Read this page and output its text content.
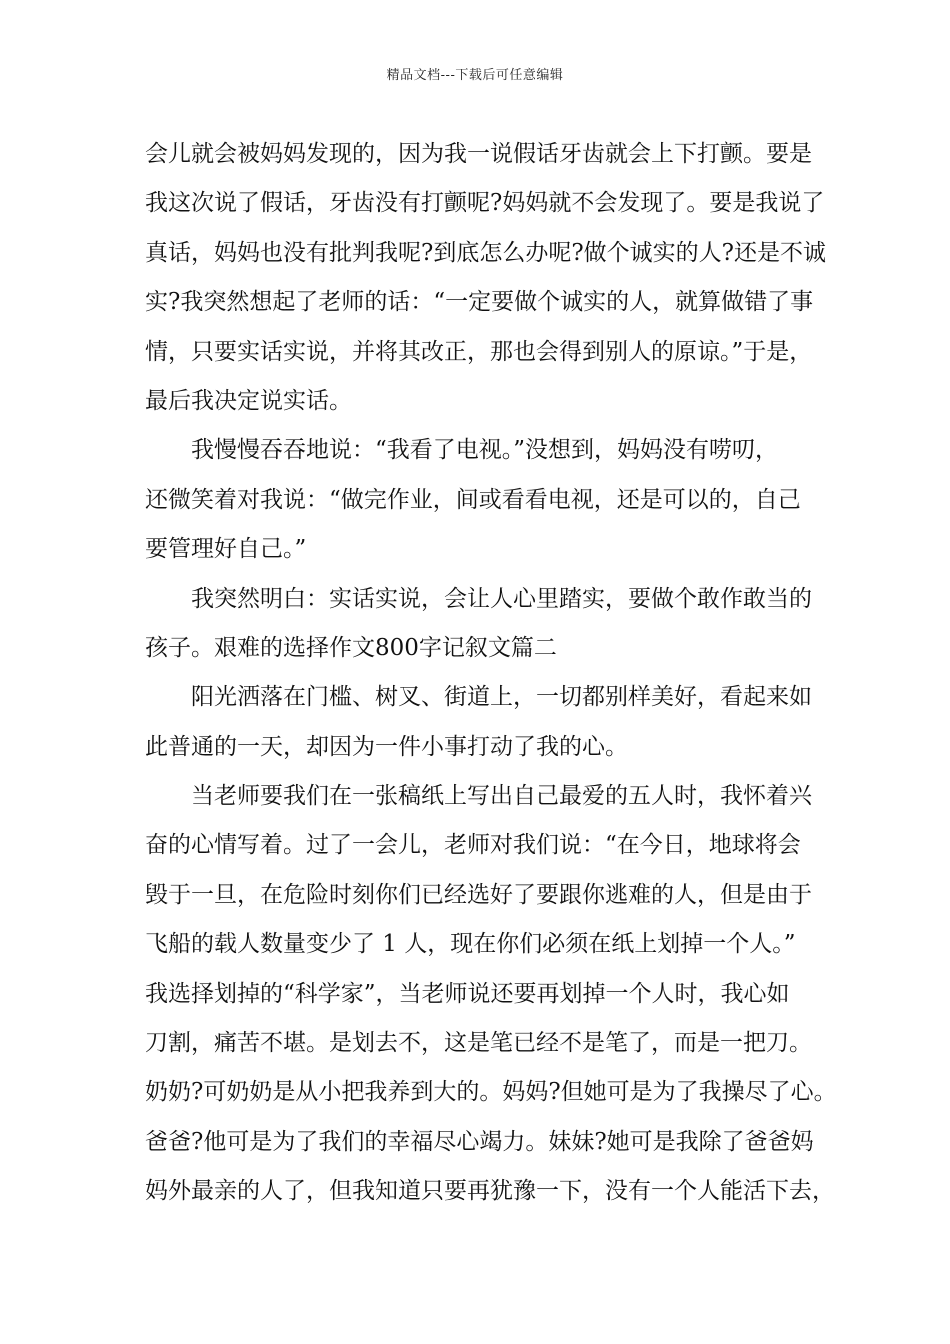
精品文档---下载后可任意编辑
会儿就会被妈妈发现的，因为我一说假话牙齿就会上下打颤。要是
我这次说了假话，牙齿没有打颤呢?妈妈就不会发现了。要是我说了
真话，妈妈也没有批判我呢?到底怎么办呢?做个诚实的人?还是不诚
实?我突然想起了老师的话：“一定要做个诚实的人，就算做错了事
情，只要实话实说，并将其改正，那也会得到别人的原谅。”于是，
最后我决定说实话。
我慢慢吞吞地说：“我看了电视。”没想到，妈妈没有唠叨，
还微笑着对我说：“做完作业，间或看看电视，还是可以的，自己
要管理好自己。”
我突然明白：实话实说，会让人心里踏实，要做个敢作敢当的
孩子。艰难的选择作文800字记叙文篇二
阳光洒落在门槛、树叉、街道上，一切都别样美好，看起来如
此普通的一天，却因为一件小事打动了我的心。
当老师要我们在一张稿纸上写出自己最爱的五人时，我怀着兴
奋的心情写着。过了一会儿，老师对我们说：“在今日，地球将会
毁于一旦，在危险时刻你们已经选好了要跟你逃难的人，但是由于
飞船的载人数量变少了 1 人，现在你们必须在纸上划掉一个人。”
我选择划掉的“科学家”，当老师说还要再划掉一个人时，我心如
刀割，痛苦不堪。是划去不，这是笔已经不是笔了，而是一把刀。
奶奶?可奶奶是从小把我养到大的。妈妈?但她可是为了我操尽了心。
爸爸?他可是为了我们的幸福尽心竭力。妹妹?她可是我除了爸爸妈
妈外最亲的人了，但我知道只要再犹豫一下，没有一个人能活下去，
